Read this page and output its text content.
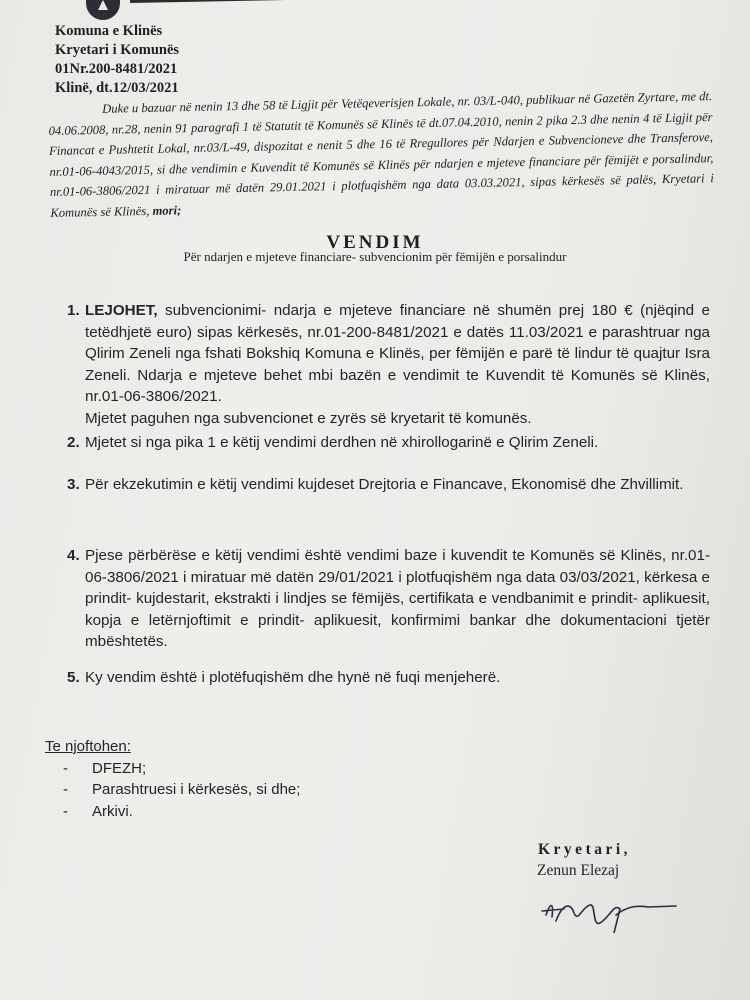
Komuna e Klinës

Kryetari i Komunës

01Nr.200-8481/2021

Klinë, dt.12/03/2021

Duke u bazuar në nenin 13 dhe 58 të Ligjit për Vetëqeverisjen Lokale, nr. 03/L-040, publikuar në Gazetën Zyrtare, me dt. 04.06.2008, nr.28, nenin 91 paragrafi 1 të Statutit të Komunës së Klinës të dt.07.04.2010, nenin 2 pika 2.3 dhe nenin 4 të Ligjit për Financat e Pushtetit Lokal, nr.03/L-49, dispozitat e nenit 5 dhe 16 të Rregullores për Ndarjen e Subvencioneve dhe Transferove, nr.01-06-4043/2015, si dhe vendimin e Kuvendit të Komunës së Klinës për ndarjen e mjeteve financiare për fëmijët e porsalindur, nr.01-06-3806/2021 i miratuar më datën 29.01.2021 i plotfuqishëm nga data 03.03.2021, sipas kërkesës së palës, Kryetari i Komunës së Klinës, mori;

VENDIM
Për ndarjen e mjeteve financiare- subvencionim për fëmijën e porsalindur
1. LEJOHET, subvencionimi- ndarja e mjeteve financiare në shumën prej 180 € (njëqind e tetëdhjetë euro) sipas kërkesës, nr.01-200-8481/2021 e datës 11.03/2021 e parashtruar nga Qlirim Zeneli nga fshati Bokshiq Komuna e Klinës, per fëmijën e parë të lindur të quajtur Isra Zeneli. Ndarja e mjeteve behet mbi bazën e vendimit te Kuvendit të Komunës së Klinës, nr.01-06-3806/2021.

Mjetet paguhen nga subvencionet e zyrës së kryetarit të komunës.

2. Mjetet si nga pika 1 e këtij vendimi derdhen në xhirollogarinë e Qlirim Zeneli.

3. Për ekzekutimin e këtij vendimi kujdeset Drejtoria e Financave, Ekonomisë dhe Zhvillimit.

4. Pjese përbërëse e këtij vendimi është vendimi baze i kuvendit te Komunës së Klinës, nr.01-06-3806/2021 i miratuar më datën 29/01/2021 i plotfuqishëm nga data 03/03/2021, kërkesa e prindit- kujdestarit, ekstrakti i lindjes se fëmijës, certifikata e vendbanimit e prindit- aplikuesit, kopja e letërnjoftimit e prindit- aplikuesit, konfirmimi bankar dhe dokumentacioni tjetër mbështetës.

5. Ky vendim është i plotëfuqishëm dhe hynë në fuqi menjeherë.

Te njoftohen:
- DFEZH;
- Parashtruesi i kërkesës, si dhe;
- Arkivi.
Kryetari,
Zenun Elezaj
